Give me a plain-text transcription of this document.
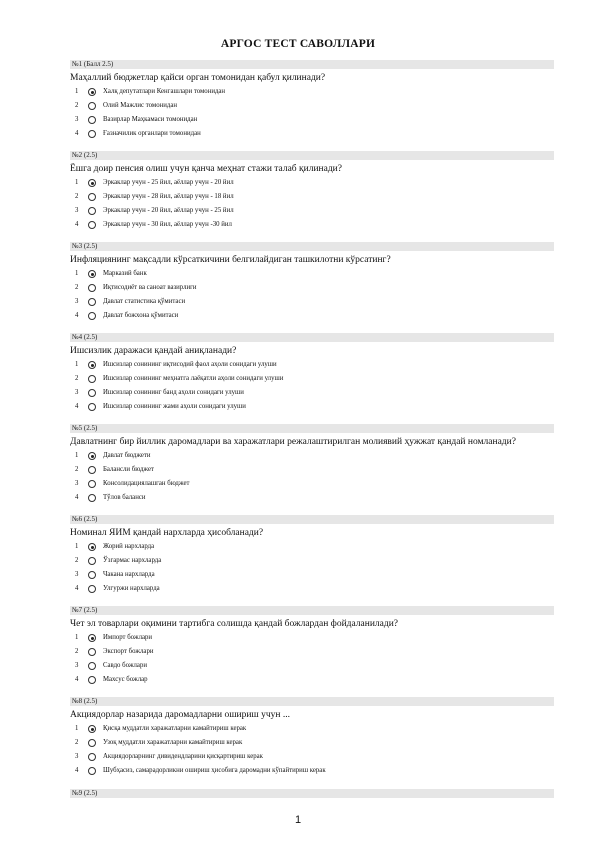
АРГОС ТЕСТ САВОЛЛАРИ
№1 (Балл 2.5)
Маҳаллий бюджетлар қайси орган томонидан қабул қилинади?
1	Халқ депутатлари Кенгашлари томонидан
2	Олий Мажлис томонидан
3	Вазирлар Маҳкамаси томонидан
4	Ғазначилик органлари томонидан
№2 (2.5)
Ёшга доир пенсия олиш учун қанча меҳнат стажи талаб қилинади?
1	Эркаклар учун - 25 йил, аёллар учун - 20 йил
2	Эркаклар учун - 28 йил, аёллар учун - 18 йил
3	Эркаклар учун - 20 йил, аёллар учун - 25 йил
4	Эркаклар учун - 30 йил, аёллар учун -30 йил
№3 (2.5)
Инфляциянинг мақсадли кўрсаткичини белгилайдиган ташкилотни кўрсатинг?
1	Марказий банк
2	Иқтисодиёт ва саноат вазирлиги
3	Давлат статистика қўмитаси
4	Давлат божхона қўмитаси
№4 (2.5)
Ишсизлик даражаси қандай аниқланади?
1	Ишсизлар сонининг иқтисодий фаол аҳоли сонидаги улуши
2	Ишсизлар сонининг меҳнатга лаёқатли аҳоли сонидаги улуши
3	Ишсизлар сонининг банд аҳоли сонидаги улуши
4	Ишсизлар сонининг жами аҳоли сонидаги улуши
№5 (2.5)
Давлатнинг бир йиллик даромадлари ва харажатлари режалаштирилган молиявий ҳужжат қандай номланади?
1	Давлат бюджети
2	Балансли бюджет
3	Консолидациялашган бюджет
4	Тўлов баланси
№6 (2.5)
Номинал ЯИМ қандай нархларда ҳисобланади?
1	Жорий нархларда
2	Ўзгармас нархларда
3	Чакана нархларда
4	Улгуржи нархларда
№7 (2.5)
Чет эл товарлари оқимини тартибга солишда қандай божлардан фойдаланилади?
1	Импорт божлари
2	Экспорт божлари
3	Савдо божлари
4	Махсус божлар
№8 (2.5)
Акциядорлар назарида даромадларни ошириш учун ...
1	Қисқа муддатли харажатларни камайтириш керак
2	Узоқ муддатли харажатларни камайтириш керак
3	Акциядорларнинг дивидендларини қисқартириш керак
4	Шубҳасиз, самарадорликни ошириш ҳисобига даромадни кўпайтириш керак
№9 (2.5)
1
